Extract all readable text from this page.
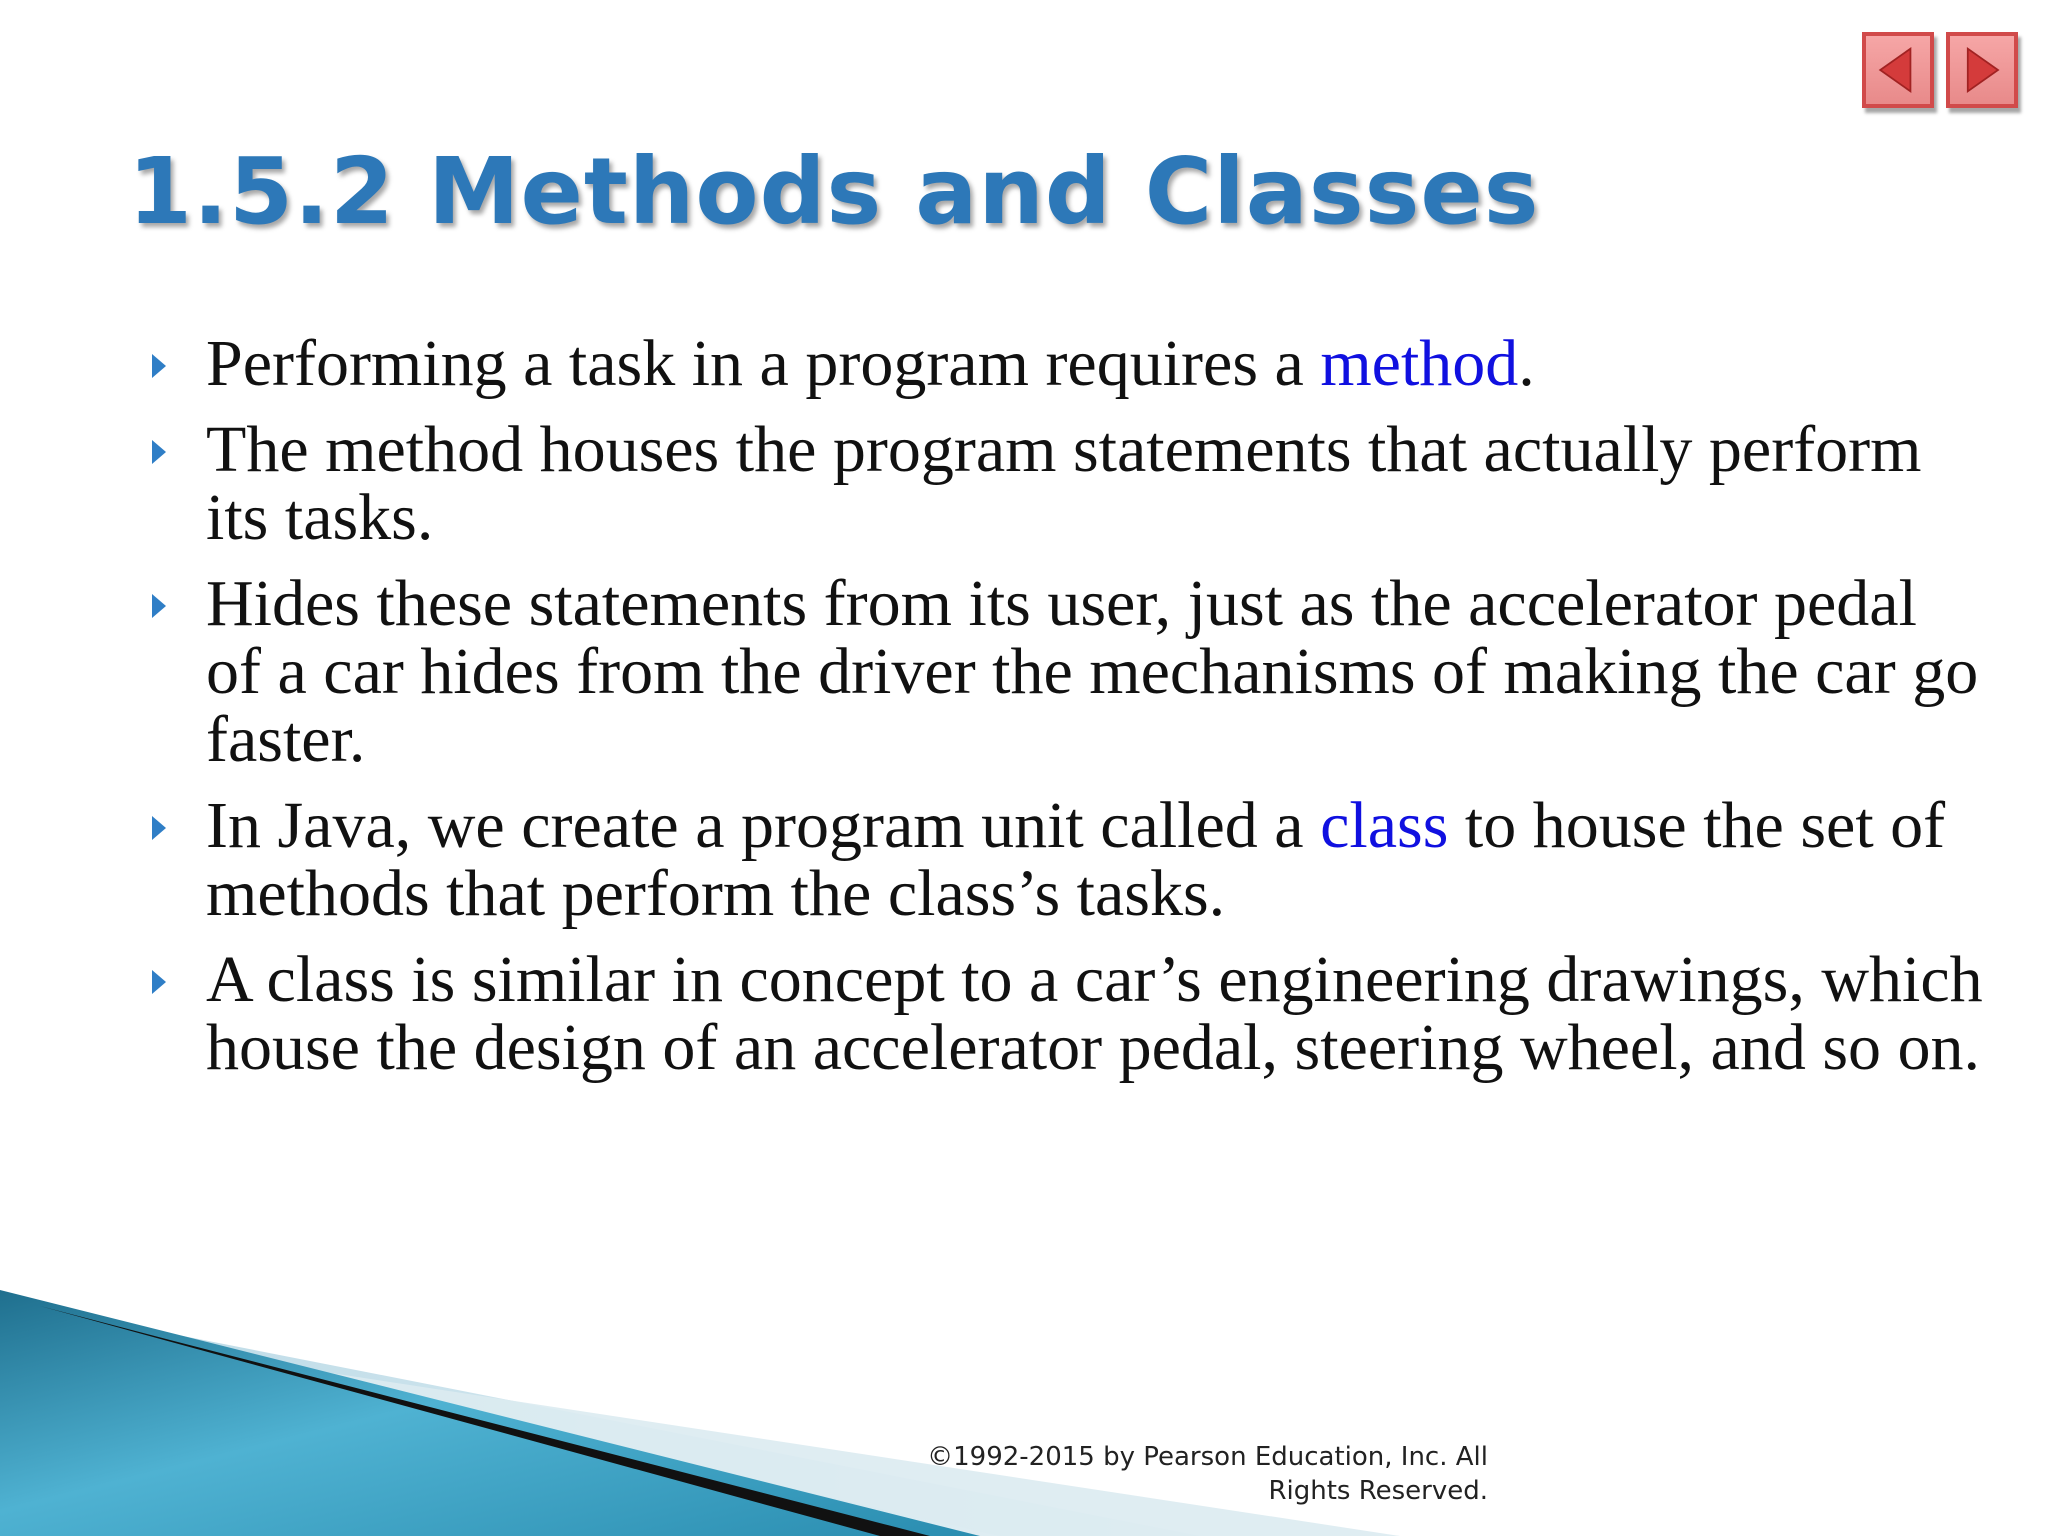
1.5.2 Methods and Classes
Performing a task in a program requires a method.
The method houses the program statements that actually perform its tasks.
Hides these statements from its user, just as the accelerator pedal of a car hides from the driver the mechanisms of making the car go faster.
In Java, we create a program unit called a class to house the set of methods that perform the class’s tasks.
A class is similar in concept to a car’s engineering drawings, which house the design of an accelerator pedal, steering wheel, and so on.
©1992-2015 by Pearson Education, Inc. All
Rights Reserved.
